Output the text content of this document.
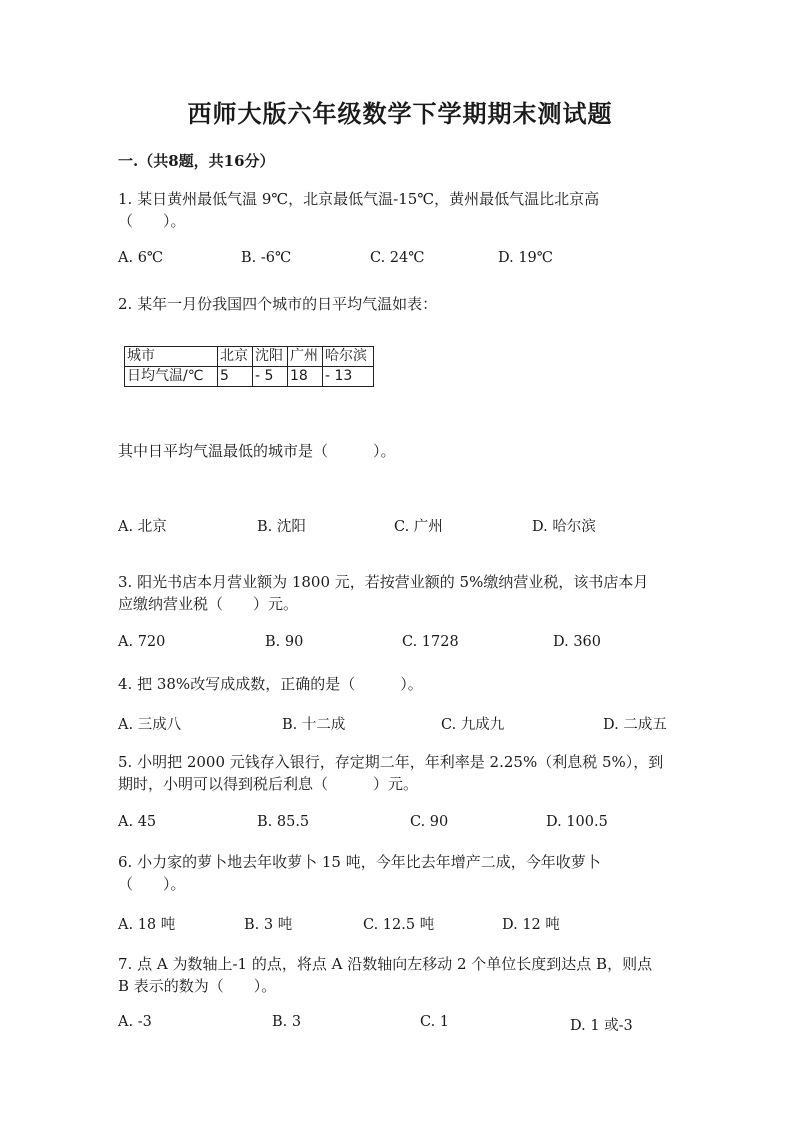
西师大版六年级数学下学期期末测试题
一.（共8题，共16分）
1. 某日黄州最低气温 9℃，北京最低气温-15℃，黄州最低气温比北京高
（　　）。
A. 6℃	B. -6℃	C. 24℃	D. 19℃
2. 某年一月份我国四个城市的日平均气温如表：
城市	北京	沈阳	广州	哈尔滨
日均气温/℃	5	- 5	18	- 13
其中日平均气温最低的城市是（　　　）。
A. 北京	B. 沈阳	C. 广州	D. 哈尔滨
3. 阳光书店本月营业额为 1800 元，若按营业额的 5%缴纳营业税，该书店本月
应缴纳营业税（　　）元。
A. 720	B. 90	C. 1728	D. 360
4. 把 38%改写成成数，正确的是（　　　）。
A. 三成八	B. 十二成	C. 九成九	D. 二成五
5. 小明把 2000 元钱存入银行，存定期二年，年利率是 2.25%（利息税 5%），到
期时，小明可以得到税后利息（　　　）元。
A. 45	B. 85.5	C. 90	D. 100.5
6. 小力家的萝卜地去年收萝卜 15 吨，今年比去年增产二成，今年收萝卜
（　　）。
A. 18 吨	B. 3 吨	C. 12.5 吨	D. 12 吨
7. 点 A 为数轴上-1 的点，将点 A 沿数轴向左移动 2 个单位长度到达点 B，则点
B 表示的数为（　　）。
A. -3	B. 3	C. 1	D. 1 或-3
